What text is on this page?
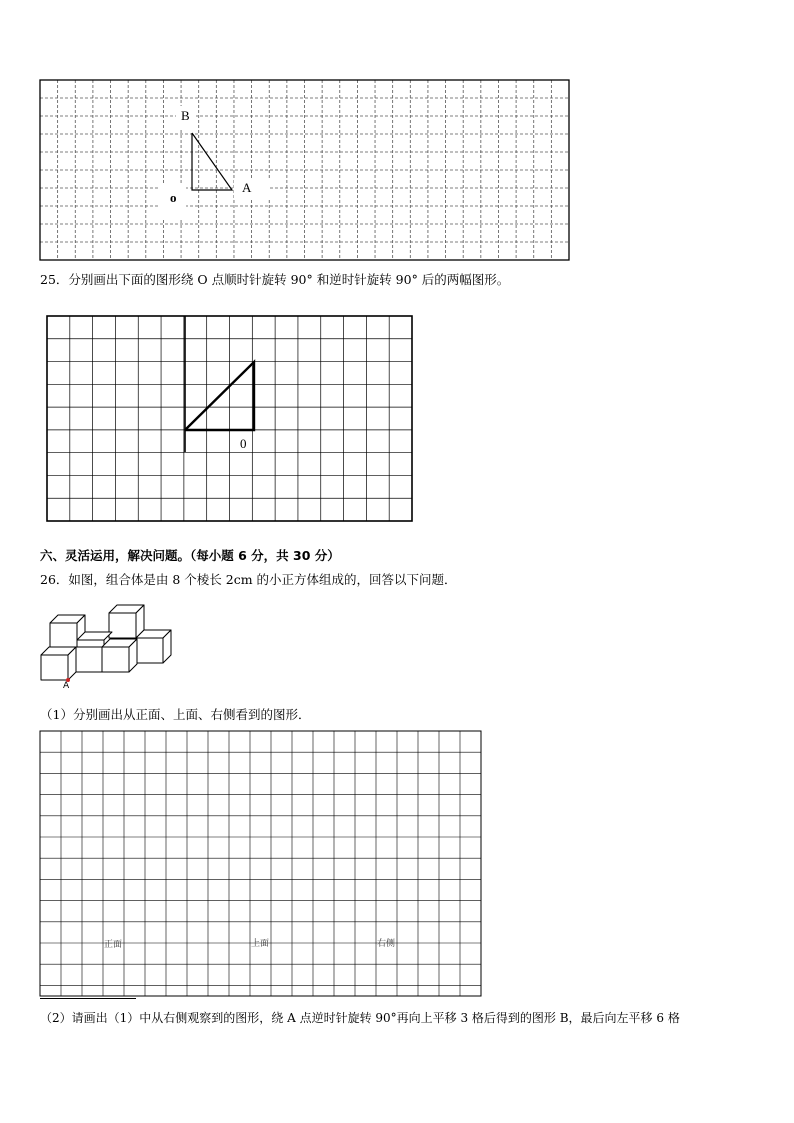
B
A
o
25．分别画出下面的图形绕 O 点顺时针旋转 90° 和逆时针旋转 90° 后的两幅图形。
0
六、灵活运用，解决问题。（每小题 6 分，共 30 分）
26．如图，组合体是由 8 个棱长 2cm 的小正方体组成的，回答以下问题．
A
（1）分别画出从正面、上面、右侧看到的图形．
正面	上面	右侧
（2）请画出（1）中从右侧观察到的图形，绕 A 点逆时针旋转 90°再向上平移 3 格后得到的图形 B，最后向左平移 6 格
